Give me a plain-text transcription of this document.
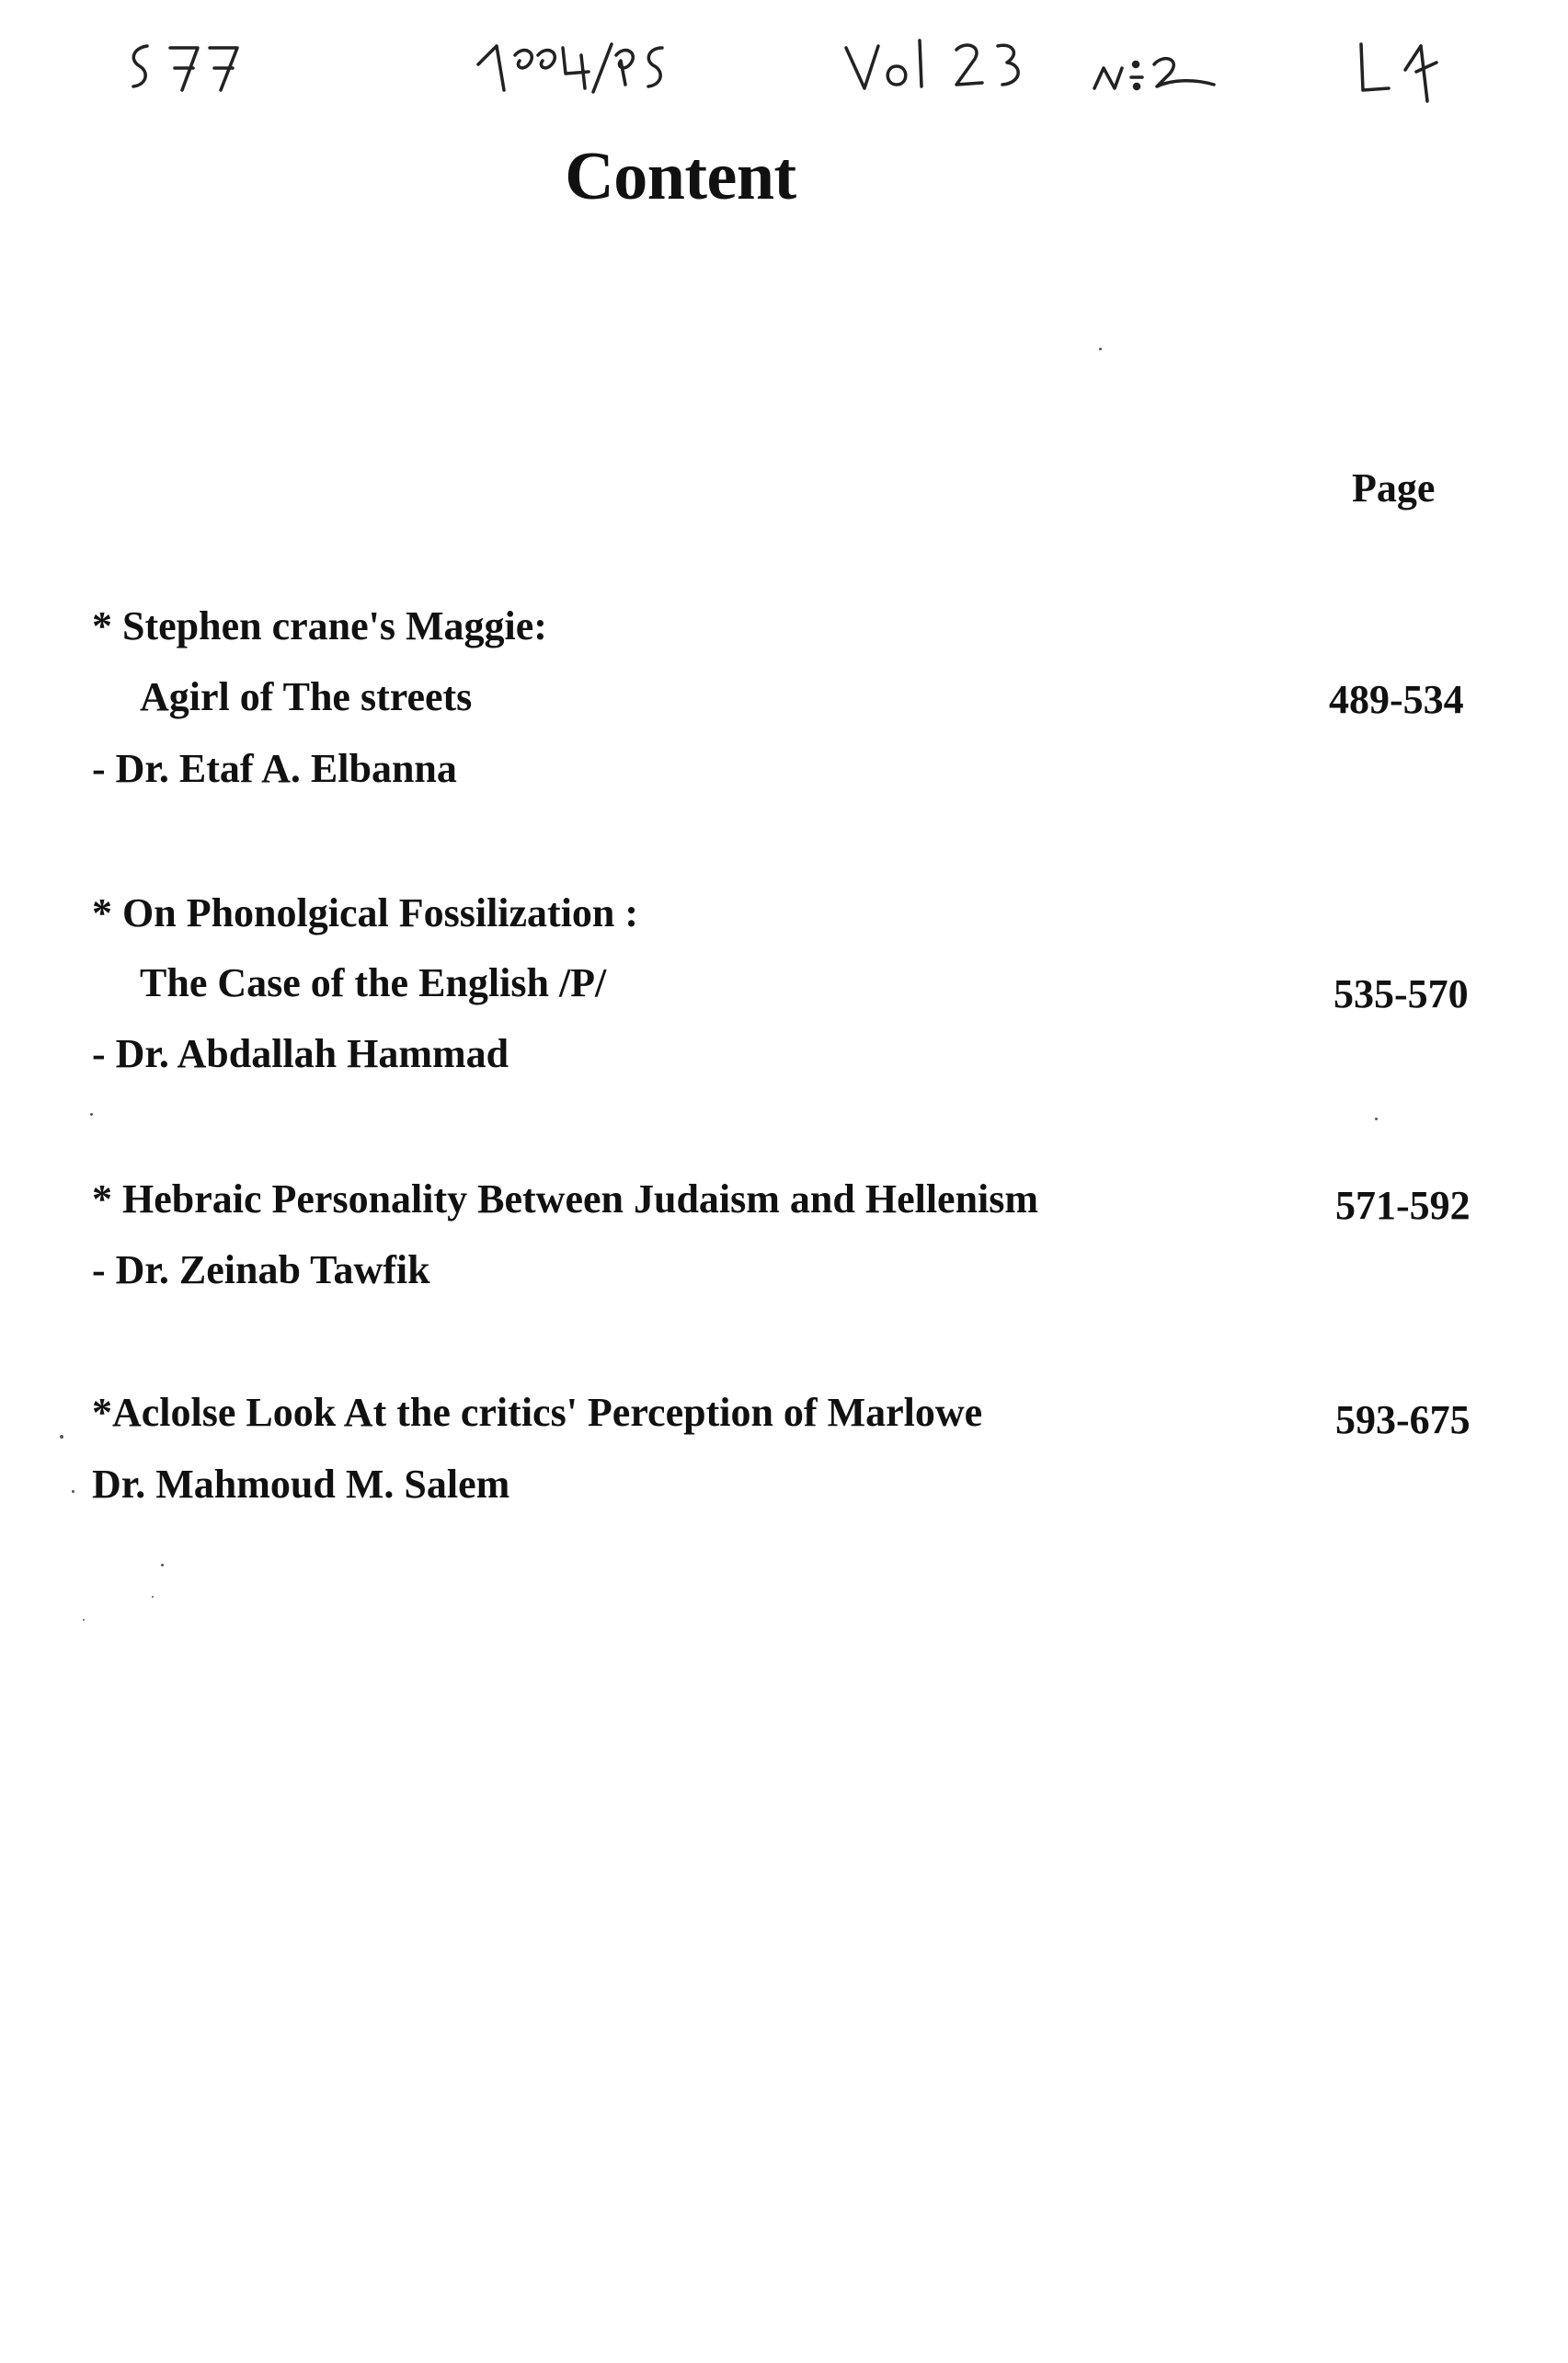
Content
Page
* Stephen crane's Maggie:
Agirl of The streets
- Dr. Etaf A. Elbanna
489-534
* On Phonolgical Fossilization :
The Case of the English /P/
- Dr. Abdallah Hammad
535-570
* Hebraic Personality Between Judaism and Hellenism
- Dr. Zeinab Tawfik
571-592
*Aclolse Look At the critics' Perception of Marlowe
Dr. Mahmoud M. Salem
593-675
